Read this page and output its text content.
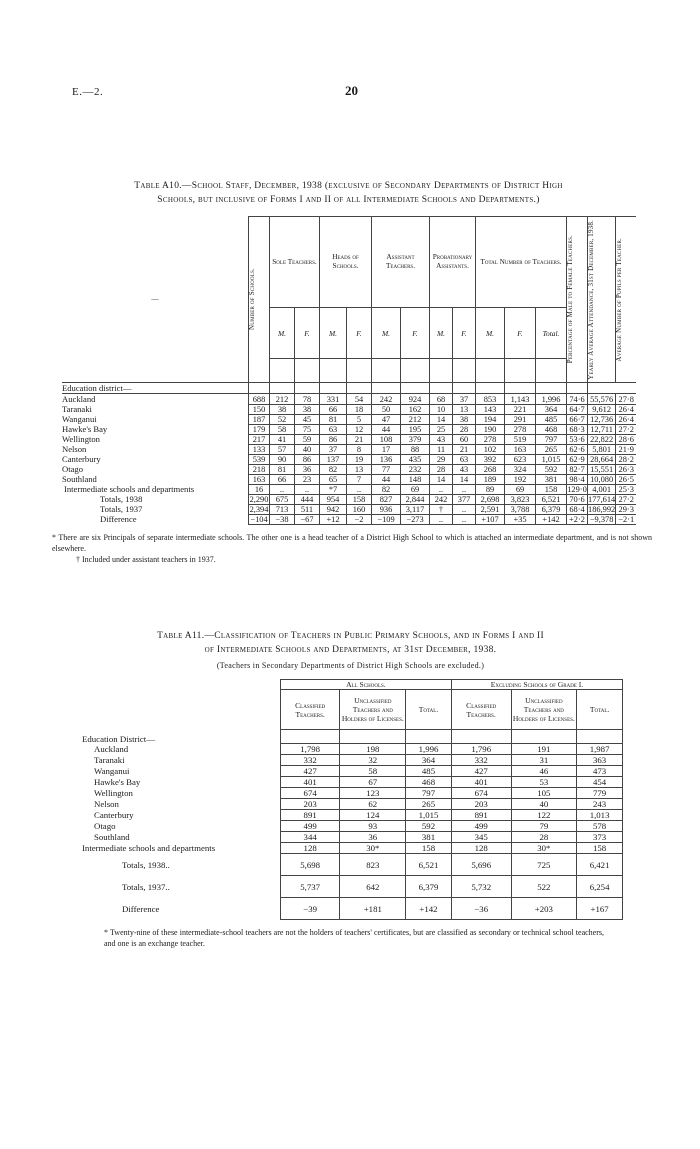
E.—2.	20
Table A10.—School Staff, December, 1938 (exclusive of Secondary Departments of District High
Schools, but inclusive of Forms I and II of all Intermediate Schools and Departments.)
—	Number of Schools.	Sole Teachers.		Heads of Schools.		Assistant Teachers.		Probationary Assistants.		Total Number of Teachers.			Percentage of Male to Female Teachers.	Yearly Average Attendance, 31st December, 1938.	Average Number of Pupils per Teacher.

		M.	F.	M.	F.	M.	F.	M.	F.	M.	F.	Total.			

Education district—															
Auckland	688	212	78	331	54	242	924	68	37	853	1,143	1,996	74·6	55,576	27·8
Taranaki	150	38	38	66	18	50	162	10	13	143	221	364	64·7	9,612	26·4
Wanganui	187	52	45	81	5	47	212	14	38	194	291	485	66·7	12,736	26·4
Hawke's Bay	179	58	75	63	12	44	195	25	28	190	278	468	68·3	12,711	27·2
Wellington	217	41	59	86	21	108	379	43	60	278	519	797	53·6	22,822	28·6
Nelson	133	57	40	37	8	17	88	11	21	102	163	265	62·6	5,801	21·9
Canterbury	539	90	86	137	19	136	435	29	63	392	623	1,015	62·9	28,664	28·2
Otago	218	81	36	82	13	77	232	28	43	268	324	592	82·7	15,551	26·3
Southland	163	66	23	65	7	44	148	14	14	189	192	381	98·4	10,080	26·5
Intermediate schools and departments	16	..	..	*7	..	82	69	..	..	89	69	158	129·0	4,001	25·3
Totals, 1938	2,290	675	444	954	158	827	2,844	242	377	2,698	3,823	6,521	70·6	177,614	27·2
Totals, 1937	2,394	713	511	942	160	936	3,117	†	..	2,591	3,788	6,379	68·4	186,992	29·3
Difference	−104	−38	−67	+12	−2	−109	−273	..	..	+107	+35	+142	+2·2	−9,378	−2·1
* There are six Principals of separate intermediate schools. The other one is a head teacher of a District High School to which is attached an intermediate department, and is not shown elsewhere.
† Included under assistant teachers in 1937.
Table A11.—Classification of Teachers in Public Primary Schools, and in Forms I and II
of Intermediate Schools and Departments, at 31st December, 1938.
(Teachers in Secondary Departments of District High Schools are excluded.)
	All Schools.			Excluding Schools of Grade I.		
	Classified Teachers.	Unclassified Teachers and Holders of Licenses.	Total.	Classified Teachers.	Unclassified Teachers and Holders of Licenses.	Total.
Education District—						
Auckland	1,798	198	1,996	1,796	191	1,987
Taranaki	332	32	364	332	31	363
Wanganui	427	58	485	427	46	473
Hawke's Bay	401	67	468	401	53	454
Wellington	674	123	797	674	105	779
Nelson	203	62	265	203	40	243
Canterbury	891	124	1,015	891	122	1,013
Otago	499	93	592	499	79	578
Southland	344	36	381	345	28	373
Intermediate schools and departments	128	30*	158	128	30*	158
Totals, 1938..	5,698	823	6,521	5,696	725	6,421
Totals, 1937..	5,737	642	6,379	5,732	522	6,254
Difference	−39	+181	+142	−36	+203	+167
* Twenty-nine of these intermediate-school teachers are not the holders of teachers' certificates, but are classified as secondary or technical school teachers, and one is an exchange teacher.
